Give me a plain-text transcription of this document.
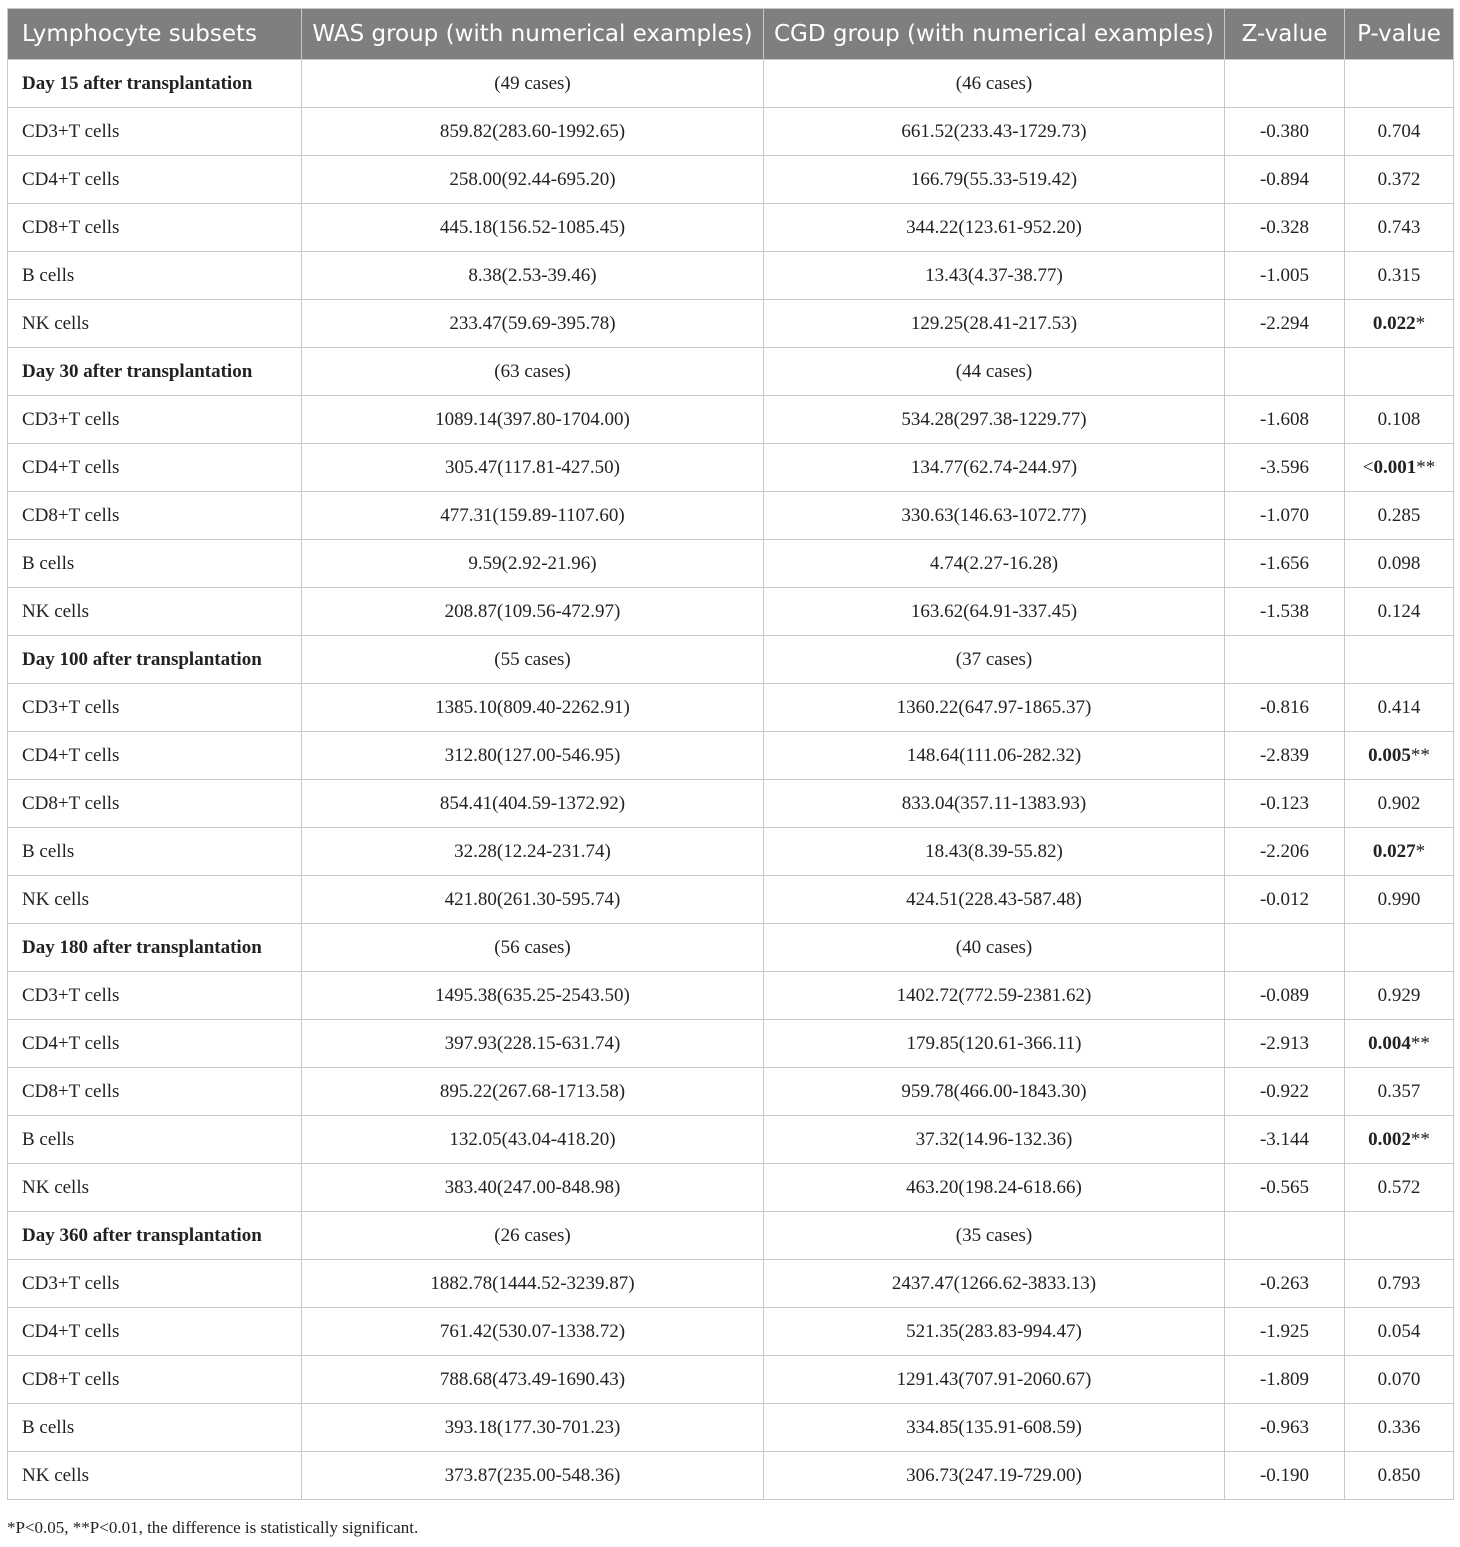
Lymphocyte subsets	WAS group (with numerical examples)	CGD group (with numerical examples)	Z-value	P-value
Day 15 after transplantation	(49 cases)	(46 cases)		
CD3+T cells	859.82(283.60-1992.65)	661.52(233.43-1729.73)	-0.380	0.704
CD4+T cells	258.00(92.44-695.20)	166.79(55.33-519.42)	-0.894	0.372
CD8+T cells	445.18(156.52-1085.45)	344.22(123.61-952.20)	-0.328	0.743
B cells	8.38(2.53-39.46)	13.43(4.37-38.77)	-1.005	0.315
NK cells	233.47(59.69-395.78)	129.25(28.41-217.53)	-2.294	0.022*
Day 30 after transplantation	(63 cases)	(44 cases)		
CD3+T cells	1089.14(397.80-1704.00)	534.28(297.38-1229.77)	-1.608	0.108
CD4+T cells	305.47(117.81-427.50)	134.77(62.74-244.97)	-3.596	<0.001**
CD8+T cells	477.31(159.89-1107.60)	330.63(146.63-1072.77)	-1.070	0.285
B cells	9.59(2.92-21.96)	4.74(2.27-16.28)	-1.656	0.098
NK cells	208.87(109.56-472.97)	163.62(64.91-337.45)	-1.538	0.124
Day 100 after transplantation	(55 cases)	(37 cases)		
CD3+T cells	1385.10(809.40-2262.91)	1360.22(647.97-1865.37)	-0.816	0.414
CD4+T cells	312.80(127.00-546.95)	148.64(111.06-282.32)	-2.839	0.005**
CD8+T cells	854.41(404.59-1372.92)	833.04(357.11-1383.93)	-0.123	0.902
B cells	32.28(12.24-231.74)	18.43(8.39-55.82)	-2.206	0.027*
NK cells	421.80(261.30-595.74)	424.51(228.43-587.48)	-0.012	0.990
Day 180 after transplantation	(56 cases)	(40 cases)		
CD3+T cells	1495.38(635.25-2543.50)	1402.72(772.59-2381.62)	-0.089	0.929
CD4+T cells	397.93(228.15-631.74)	179.85(120.61-366.11)	-2.913	0.004**
CD8+T cells	895.22(267.68-1713.58)	959.78(466.00-1843.30)	-0.922	0.357
B cells	132.05(43.04-418.20)	37.32(14.96-132.36)	-3.144	0.002**
NK cells	383.40(247.00-848.98)	463.20(198.24-618.66)	-0.565	0.572
Day 360 after transplantation	(26 cases)	(35 cases)		
CD3+T cells	1882.78(1444.52-3239.87)	2437.47(1266.62-3833.13)	-0.263	0.793
CD4+T cells	761.42(530.07-1338.72)	521.35(283.83-994.47)	-1.925	0.054
CD8+T cells	788.68(473.49-1690.43)	1291.43(707.91-2060.67)	-1.809	0.070
B cells	393.18(177.30-701.23)	334.85(135.91-608.59)	-0.963	0.336
NK cells	373.87(235.00-548.36)	306.73(247.19-729.00)	-0.190	0.850
*P<0.05, **P<0.01, the difference is statistically significant.
